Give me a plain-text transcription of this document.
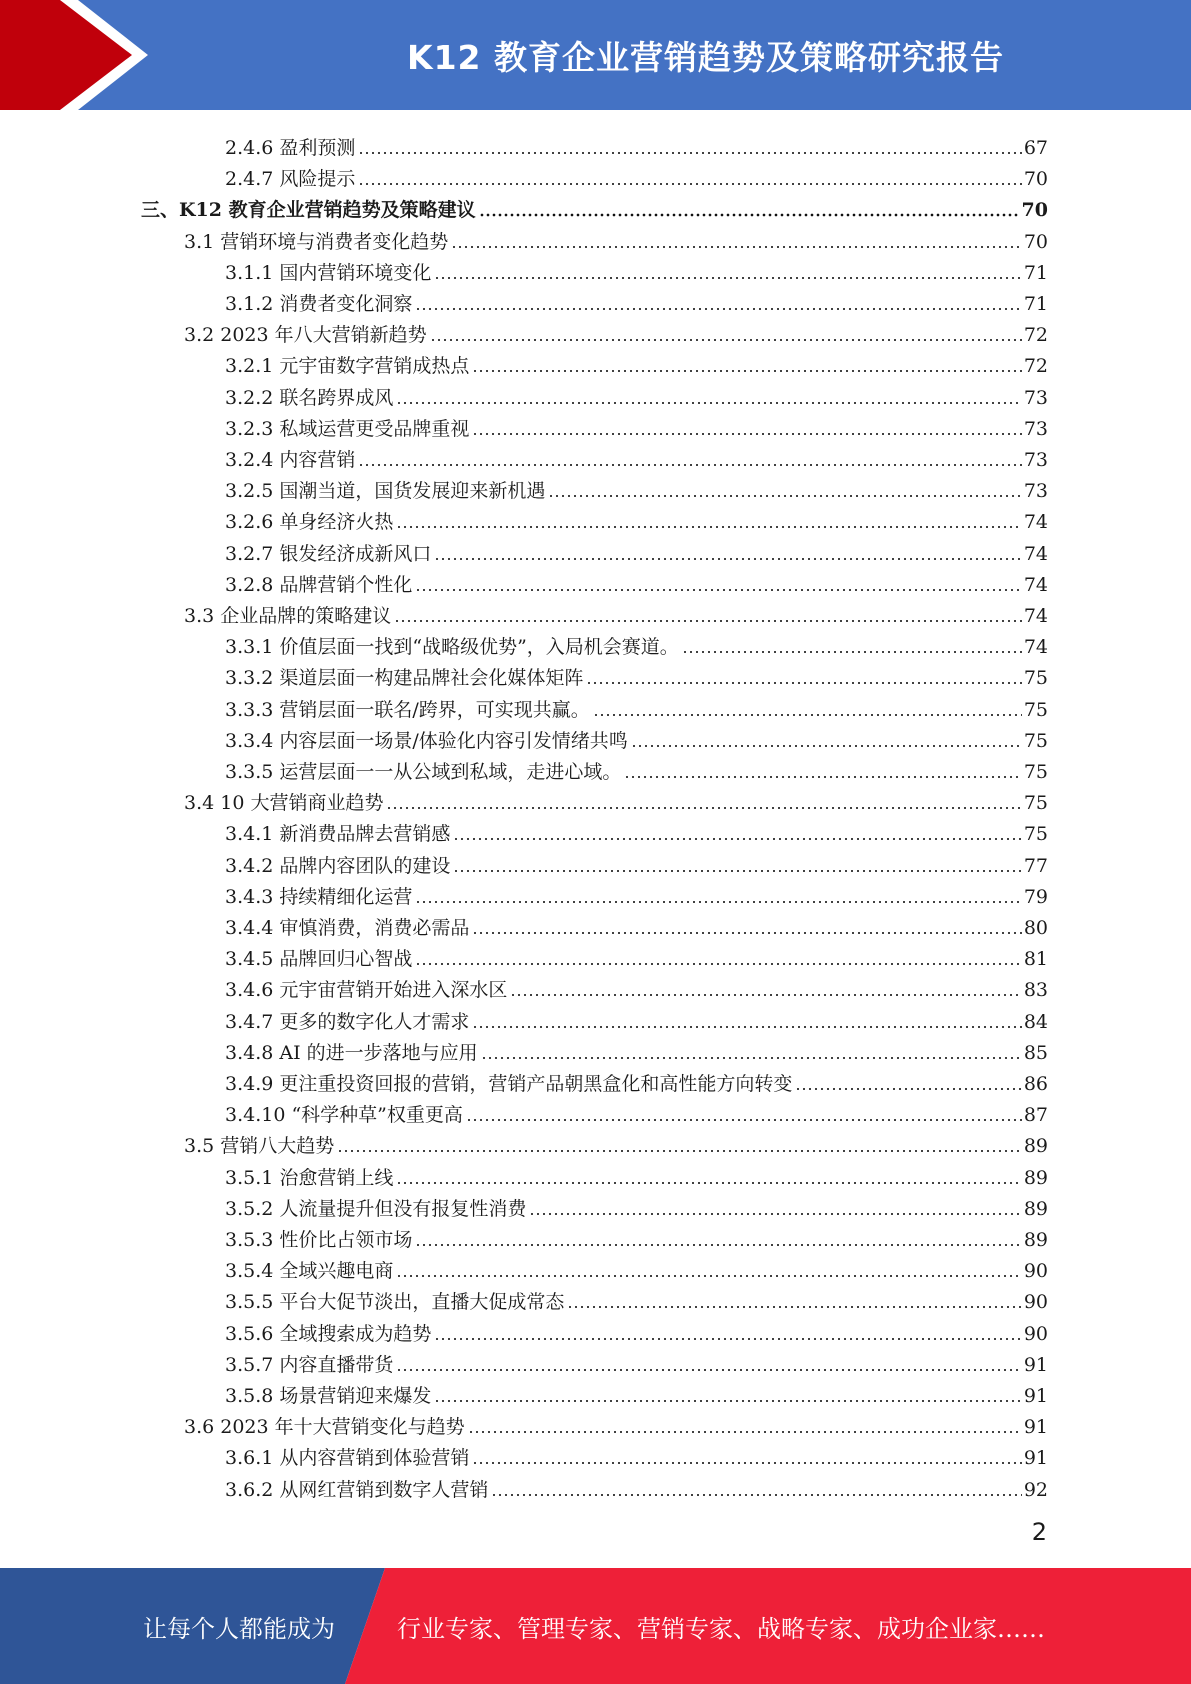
K12 教育企业营销趋势及策略研究报告
2.4.6 盈利预测	67
2.4.7 风险提示	70
三、K12 教育企业营销趋势及策略建议	70
3.1 营销环境与消费者变化趋势	70
3.1.1 国内营销环境变化	71
3.1.2 消费者变化洞察	71
3.2 2023 年八大营销新趋势	72
3.2.1 元宇宙数字营销成热点	72
3.2.2 联名跨界成风	73
3.2.3 私域运营更受品牌重视	73
3.2.4 内容营销	73
3.2.5 国潮当道，国货发展迎来新机遇	73
3.2.6 单身经济火热	74
3.2.7 银发经济成新风口	74
3.2.8 品牌营销个性化	74
3.3 企业品牌的策略建议	74
3.3.1 价值层面一找到“战略级优势”，入局机会赛道。	74
3.3.2 渠道层面一构建品牌社会化媒体矩阵	75
3.3.3 营销层面一联名/跨界，可实现共赢。	75
3.3.4 内容层面一场景/体验化内容引发情绪共鸣	75
3.3.5 运营层面一一从公域到私域，走进心域。	75
3.4 10 大营销商业趋势	75
3.4.1 新消费品牌去营销感	75
3.4.2 品牌内容团队的建设	77
3.4.3 持续精细化运营	79
3.4.4 审慎消费，消费必需品	80
3.4.5 品牌回归心智战	81
3.4.6 元宇宙营销开始进入深水区	83
3.4.7 更多的数字化人才需求	84
3.4.8 AI 的进一步落地与应用	85
3.4.9 更注重投资回报的营销，营销产品朝黑盒化和高性能方向转变	86
3.4.10 “科学种草”权重更高	87
3.5 营销八大趋势	89
3.5.1 治愈营销上线	89
3.5.2 人流量提升但没有报复性消费	89
3.5.3 性价比占领市场	89
3.5.4 全域兴趣电商	90
3.5.5 平台大促节淡出，直播大促成常态	90
3.5.6 全域搜索成为趋势	90
3.5.7 内容直播带货	91
3.5.8 场景营销迎来爆发	91
3.6 2023 年十大营销变化与趋势	91
3.6.1 从内容营销到体验营销	91
3.6.2 从网红营销到数字人营销	92
2
让每个人都能成为	行业专家、管理专家、营销专家、战略专家、成功企业家……
